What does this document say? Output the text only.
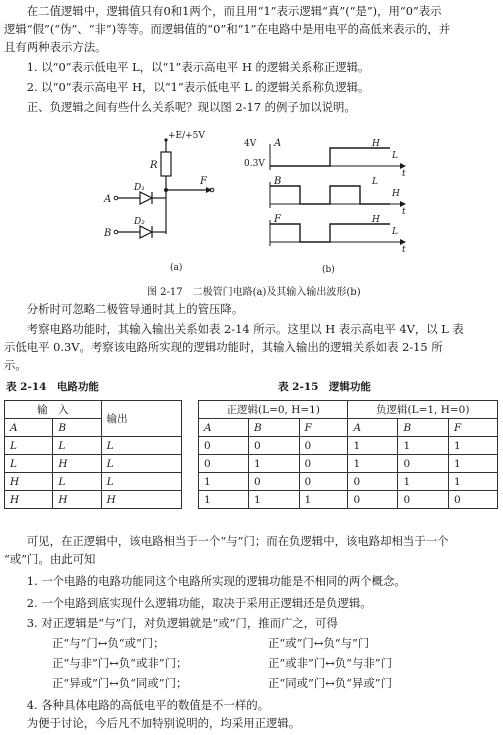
　　在二值逻辑中，逻辑值只有0和1两个，而且用“1”表示逻辑“真”(“是”)，用“0”表示
逻辑“假”(“伪”、“非”)等等。而逻辑值的“0”和“1”在电路中是用电平的高低来表示的，并
且有两种表示方法。
　　1. 以“0”表示低电平 L，以“1”表示高电平 H 的逻辑关系称正逻辑。
　　2. 以“0”表示高电平 H，以“1”表示低电平 L 的逻辑关系称负逻辑。
　　正、负逻辑之间有些什么关系呢？现以图 2-17 的例子加以说明。
+E/+5V
R
D₁
D₂
A
B
F
(a)
4V
0.3V
A
L
H
t
B
H
L
t
F
L
H
t
(b)
图 2-17　二极管门电路(a)及其输入输出波形(b)
　　分析时可忽略二极管导通时其上的管压降。
　　考察电路功能时，其输入输出关系如表 2-14 所示。这里以 H 表示高电平 4V，以 L 表
示低电平 0.3V。考察该电路所实现的逻辑功能时，其输入输出的逻辑关系如表 2-15 所
示。
表 2-14　电路功能	表 2-15　逻辑功能
输　入		输出
A	B	
L	L	L
L	H	L
H	L	L
H	H	H
正逻辑(L=0, H=1)			负逻辑(L=1, H=0)		
A	B	F	A	B	F
0	0	0	1	1	1
0	1	0	1	0	1
1	0	0	0	1	1
1	1	1	0	0	0
　　可见，在正逻辑中，该电路相当于一个“与”门；而在负逻辑中，该电路却相当于一个
“或”门。由此可知
　　1. 一个电路的电路功能同这个电路所实现的逻辑功能是不相同的两个概念。
　　2. 一个电路到底实现什么逻辑功能，取决于采用正逻辑还是负逻辑。
　　3. 对正逻辑是“与”门，对负逻辑就是“或”门，推而广之，可得
正“与”门↔负“或”门；	正“或”门↔负“与”门
正“与非”门↔负“或非”门；	正“或非”门↔负“与非”门
正“异或”门↔负“同或”门；	正“同或”门↔负“异或”门
　　4. 各种具体电路的高低电平的数值是不一样的。
　　为便于讨论，今后凡不加特别说明的，均采用正逻辑。
